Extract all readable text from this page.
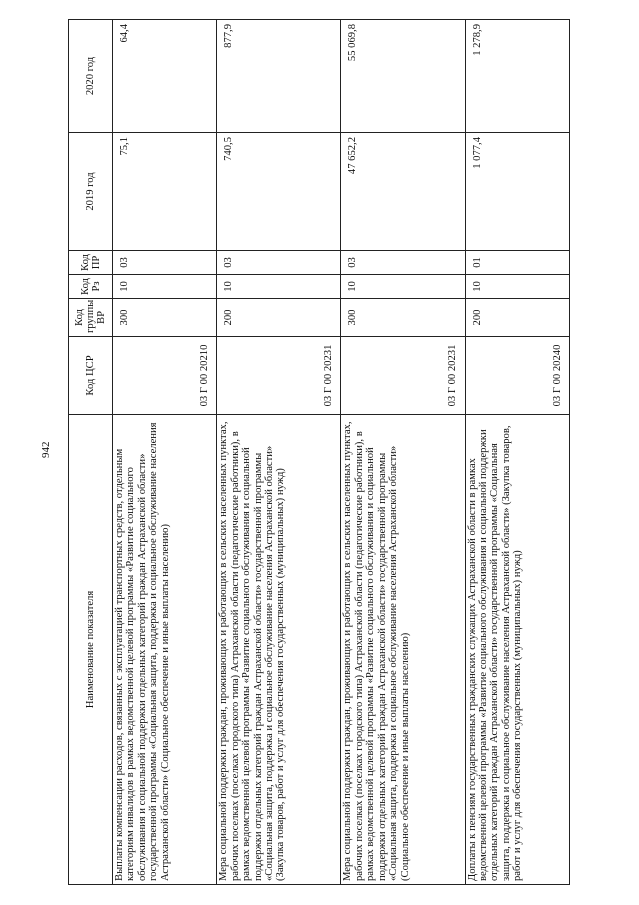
942
Наименование показателя	Код ЦСР	Код группы ВР	Код Рз	Код ПР	2019 год	2020 год
Выплаты компенсации расходов, связанных с эксплуатацией транспортных средств, отдельным категориям инвалидов в рамках ведомственной целевой программы «Развитие социального обслуживания и социальной поддержки отдельных категорий граждан Астраханской области» государственной программы «Социальная защита, поддержка и социальное обслуживание населения Астраханской области» (Социальное обеспечение и иные выплаты населению)	03 Г 00 20210	300	10	03	75,1	64,4
Мера социальной поддержки граждан, проживающих и работающих в сельских населенных пунктах, рабочих поселках (поселках городского типа) Астраханской области (педагогические работники), в рамках ведомственной целевой программы «Развитие социального обслуживания и социальной поддержки отдельных категорий граждан Астраханской области» государственной программы «Социальная защита, поддержка и социальное обслуживание населения Астраханской области» (Закупка товаров, работ и услуг для обеспечения государственных (муниципальных) нужд)	03 Г 00 20231	200	10	03	740,5	877,9
Мера социальной поддержки граждан, проживающих и работающих в сельских населенных пунктах, рабочих поселках (поселках городского типа) Астраханской области (педагогические работники), в рамках ведомственной целевой программы «Развитие социального обслуживания и социальной поддержки отдельных категорий граждан Астраханской области» государственной программы «Социальная защита, поддержка и социальное обслуживание населения Астраханской области» (Социальное обеспечение и иные выплаты населению)	03 Г 00 20231	300	10	03	47 652,2	55 069,8
Доплаты к пенсиям государственных гражданских служащих Астраханской области в рамках ведомственной целевой программы «Развитие социального обслуживания и социальной поддержки отдельных категорий граждан Астраханской области» государственной программы «Социальная защита, поддержка и социальное обслуживание населения Астраханской области» (Закупка товаров, работ и услуг для обеспечения государственных (муниципальных) нужд)	03 Г 00 20240	200	10	01	1 077,4	1 278,9
